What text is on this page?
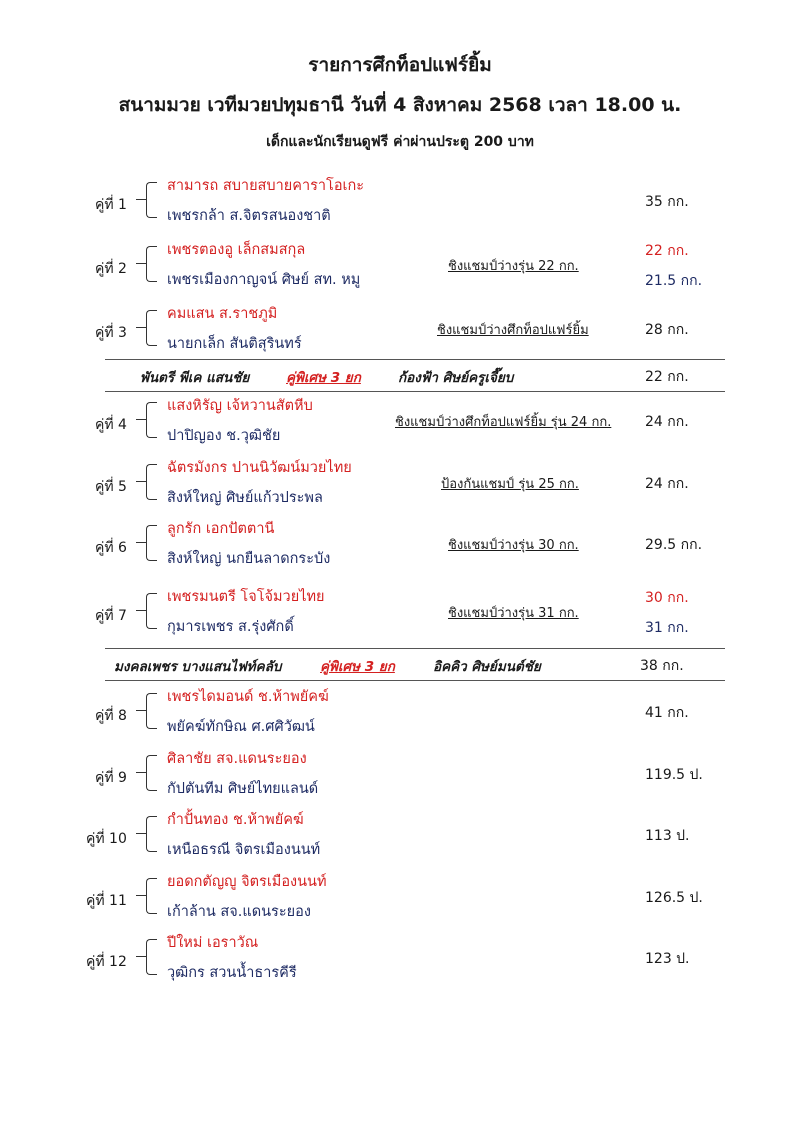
รายการศึกท็อปแฟร์ยิ้ม
สนามมวย เวทีมวยปทุมธานี วันที่ 4 สิงหาคม 2568 เวลา 18.00 น.
เด็กและนักเรียนดูฟรี ค่าผ่านประตู 200 บาท
คู่ที่ 1
สามารถ สบายสบายคาราโอเกะ
เพชรกล้า ส.จิตรสนองชาติ
35 กก.
คู่ที่ 2
เพชรตองอู เล็กสมสกุล
เพชรเมืองกาญจน์ ศิษย์ สท. หมู
ชิงแชมป์ว่างรุ่น 22 กก.
22 กก.
21.5 กก.
คู่ที่ 3
คมแสน ส.ราชภูมิ
นายกเล็ก สันติสุรินทร์
ชิงแชมป์ว่างศึกท็อปแฟร์ยิ้ม	28 กก.
พันตรี พีเค แสนชัย	คู่พิเศษ 3 ยก	ก้องฟ้า ศิษย์ครูเจี๊ยบ	22 กก.
คู่ที่ 4
แสงหิรัญ เจ้หวานสัตหีบ
ปาปิญอง ช.วุฒิชัย
ชิงแชมป์ว่างศึกท็อปแฟร์ยิ้ม รุ่น 24 กก. 24 กก.
คู่ที่ 5
ฉัตรมังกร ปานนิวัฒน์มวยไทย
สิงห์ใหญ่ ศิษย์แก้วประพล
ป้องกันแชมป์ รุ่น 25 กก.	24 กก.
คู่ที่ 6
ลูกรัก เอกปัตตานี
สิงห์ใหญ่ นกยืนลาดกระบัง
ชิงแชมป์ว่างรุ่น 30 กก.	29.5 กก.
คู่ที่ 7
เพชรมนตรี โจโจ้มวยไทย
กุมารเพชร ส.รุ่งศักดิ์
ชิงแชมป์ว่างรุ่น 31 กก.
30 กก.
31 กก.
มงคลเพชร บางแสนไฟท์คลับ	คู่พิเศษ 3 ยก	อิคคิว ศิษย์มนต์ชัย	38 กก.
คู่ที่ 8
เพชรไดมอนด์ ช.ห้าพยัคฆ์
พยัคฆ์ทักษิณ ศ.ศศิวัฒน์
41 กก.
คู่ที่ 9
ศิลาชัย สจ.แดนระยอง
กัปตันทีม ศิษย์ไทยแลนด์
119.5 ป.
คู่ที่ 10
กำปั้นทอง ช.ห้าพยัคฆ์
เหนือธรณี จิตรเมืองนนท์
113 ป.
คู่ที่ 11
ยอดกตัญญู จิตรเมืองนนท์
เก้าล้าน สจ.แดนระยอง
126.5 ป.
คู่ที่ 12
ปีใหม่ เอราวัณ
วุฒิกร สวนน้ำธารคีรี
123 ป.
